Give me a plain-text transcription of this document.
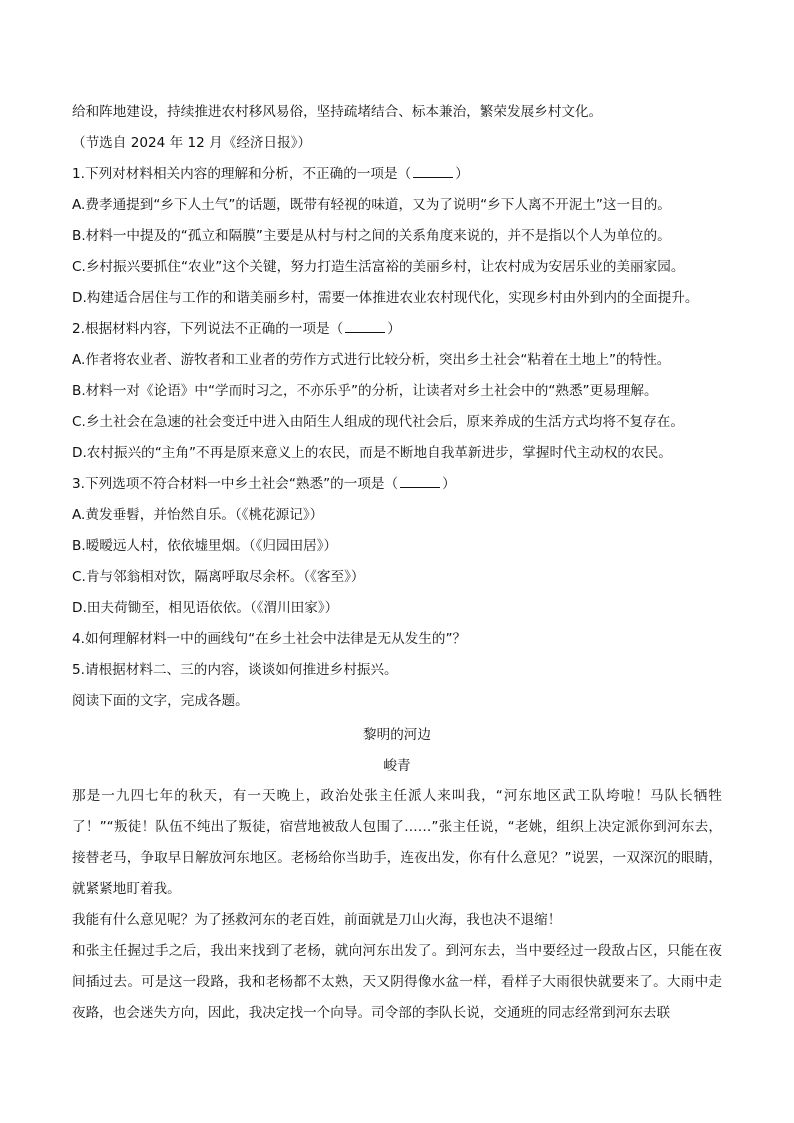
给和阵地建设，持续推进农村移风易俗，坚持疏堵结合、标本兼治，繁荣发展乡村文化。
（节选自 2024 年 12 月《经济日报》）
1.下列对材料相关内容的理解和分析，不正确的一项是（	）
A.费孝通提到“乡下人土气”的话题，既带有轻视的味道，又为了说明“乡下人离不开泥土”这一目的。
B.材料一中提及的“孤立和隔膜”主要是从村与村之间的关系角度来说的，并不是指以个人为单位的。
C.乡村振兴要抓住“农业”这个关键，努力打造生活富裕的美丽乡村，让农村成为安居乐业的美丽家园。
D.构建适合居住与工作的和谐美丽乡村，需要一体推进农业农村现代化，实现乡村由外到内的全面提升。
2.根据材料内容，下列说法不正确的一项是（	）
A.作者将农业者、游牧者和工业者的劳作方式进行比较分析，突出乡土社会“粘着在土地上”的特性。
B.材料一对《论语》中“学而时习之，不亦乐乎”的分析，让读者对乡土社会中的“熟悉”更易理解。
C.乡土社会在急速的社会变迁中进入由陌生人组成的现代社会后，原来养成的生活方式均将不复存在。
D.农村振兴的“主角”不再是原来意义上的农民，而是不断地自我革新进步，掌握时代主动权的农民。
3.下列选项不符合材料一中乡土社会“熟悉”的一项是（	）
A.黄发垂髫，并怡然自乐。（《桃花源记》）
B.暧暧远人村，依依墟里烟。（《归园田居》）
C.肯与邻翁相对饮，隔离呼取尽余杯。（《客至》）
D.田夫荷锄至，相见语依依。（《渭川田家》）
4.如何理解材料一中的画线句“在乡土社会中法律是无从发生的”？
5.请根据材料二、三的内容，谈谈如何推进乡村振兴。
阅读下面的文字，完成各题。
黎明的河边
峻青
那是一九四七年的秋天，有一天晚上，政治处张主任派人来叫我，“河东地区武工队垮啦！马队长牺牲了！”“叛徒！队伍不纯出了叛徒，宿营地被敌人包围了……”张主任说，“老姚，组织上决定派你到河东去，接替老马，争取早日解放河东地区。老杨给你当助手，连夜出发，你有什么意见？”说罢，一双深沉的眼睛，就紧紧地盯着我。
我能有什么意见呢？为了拯救河东的老百姓，前面就是刀山火海，我也决不退缩！
和张主任握过手之后，我出来找到了老杨，就向河东出发了。到河东去，当中要经过一段敌占区，只能在夜间插过去。可是这一段路，我和老杨都不太熟，天又阴得像水盆一样，看样子大雨很快就要来了。大雨中走夜路，也会迷失方向，因此，我决定找一个向导。司令部的李队长说，交通班的同志经常到河东去联
